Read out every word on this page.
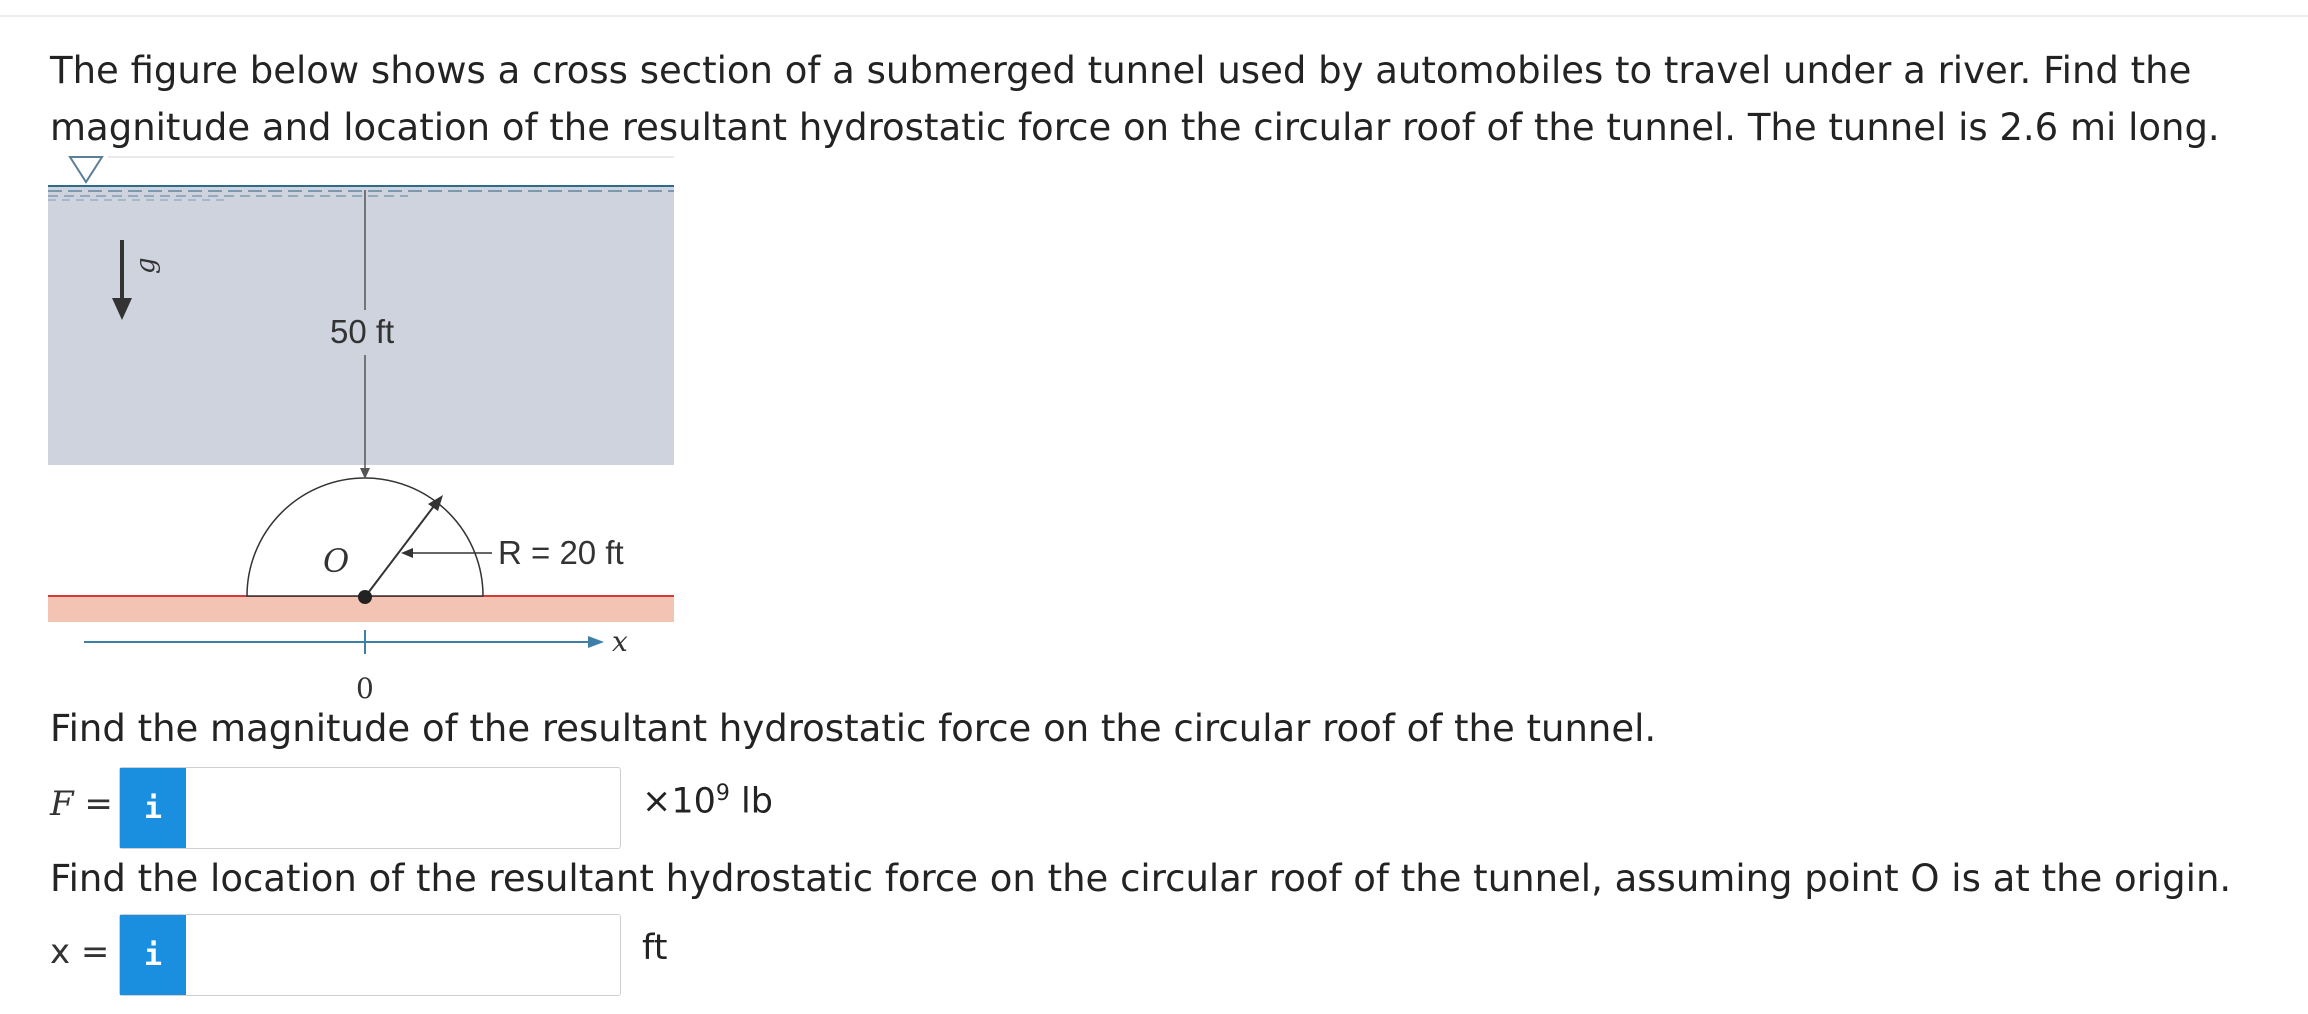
The figure below shows a cross section of a submerged tunnel used by automobiles to travel under a river. Find the magnitude and location of the resultant hydrostatic force on the circular roof of the tunnel. The tunnel is 2.6 mi long.

g
50 ft
O	R = 20 ft
x
0

Find the magnitude of the resultant hydrostatic force on the circular roof of the tunnel.

F =	i	$\times 10^9$ lb

Find the location of the resultant hydrostatic force on the circular roof of the tunnel, assuming point O is at the origin.

x =	i	ft
